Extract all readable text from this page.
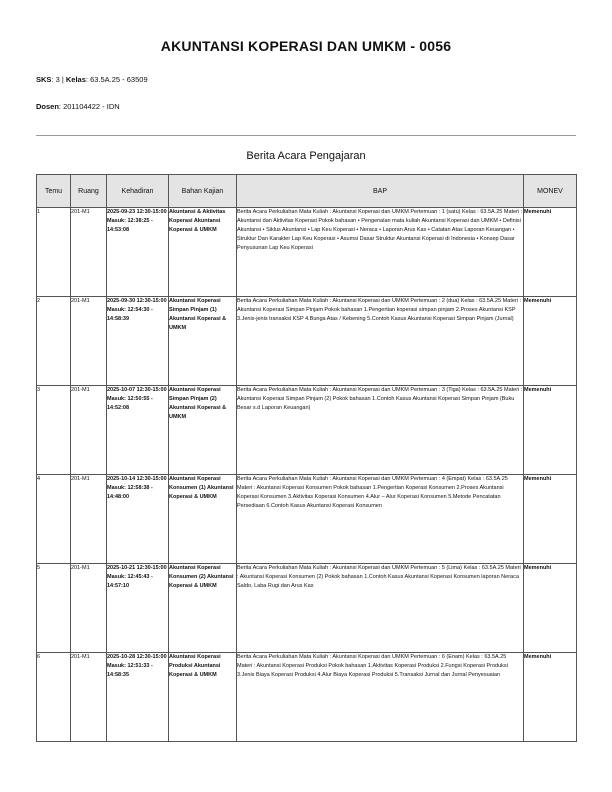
AKUNTANSI KOPERASI DAN UMKM - 0056
SKS: 3 | Kelas: 63.5A.25 - 63509
Dosen: 201104422 - IDN
Berita Acara Pengajaran
Temu	Ruang	Kehadiran	Bahan Kajian	BAP	MONEV
1	201-M1	2025-09-23 12:30-15:00 Masuk: 12:38:25 - 14:53:08	Akuntansi & Aktivitas Koperasi Akuntansi Koperasi & UMKM	Berita Acara Perkuliahan Mata Kuliah : Akuntansi Koperasi dan UMKM Pertemuan : 1 (satu) Kelas : 63.5A.25 Materi : Akuntansi dan Aktivitas Koperasi Pokok bahasan • Pengenalan mata kuliah Akuntansi Koperasi dan UMKM • Definisi Akuntansi • Siklus Akuntansi • Lap Keu Koperasi • Neraca • Laporan Arus Kas • Catatan Atas Laporan Keuangan • Struktur Dan Karakter Lap Keu Koperasi • Asumsi Dasar Struktur Akuntansi Koperasi di Indonesia • Konsep Dasar Penyusunan Lap Keu Koperasi	Memenuhi
2	201-M1	2025-09-30 12:30-15:00 Masuk: 12:54:30 - 14:58:39	Akuntansi Koperasi Simpan Pinjam (1) Akuntansi Koperasi & UMKM	Berita Acara Perkuliahan Mata Kuliah : Akuntansi Koperasi dan UMKM Pertemuan : 2 (dua) Kelas : 63.5A.25 Materi : Akuntansi Koperasi Simpan Pinjam Pokok bahasan 1.Pengertian koperasi simpan pinjam 2.Proses Akuntansi KSP 3.Jenis-jenis transaksi KSP 4.Bunga Atas / Kebening 5.Contoh Kasus Akuntansi Koperasi Simpan Pinjam (Jurnal)	Memenuhi
3	201-M1	2025-10-07 12:30-15:00 Masuk: 12:50:55 - 14:52:08	Akuntansi Koperasi Simpan Pinjam (2) Akuntansi Koperasi & UMKM	Berita Acara Perkuliahan Mata Kuliah : Akuntansi Koperasi dan UMKM Pertemuan : 3 (Tiga) Kelas : 63.5A.25 Materi : Akuntansi Koperasi Simpan Pinjam (2) Pokok bahasan 1.Contoh Kasus Akuntansi Koperasi Simpan Pinjam (Buku Besar s.d Laporan Keuangan)	Memenuhi
4	201-M1	2025-10-14 12:30-15:00 Masuk: 12:58:38 - 14:48:00	Akuntansi Koperasi Konsumen (1) Akuntansi Koperasi & UMKM	Berita Acara Perkuliahan Mata Kuliah : Akuntansi Koperasi dan UMKM Pertemuan : 4 (Empat) Kelas : 63.5A.25 Materi : Akuntansi Koperasi Konsumen Pokok bahasan 1.Pengertian Koperasi Konsumen 2.Proses Akuntansi Koperasi Konsumen 3.Aktivitas Koperasi Konsumen 4.Alur – Alur Koperasi Konsumen 5.Metode Pencatatan Persediaan 6.Contoh Kasus Akuntansi Koperasi Konsumen	Memenuhi
5	201-M1	2025-10-21 12:30-15:00 Masuk: 12:45:43 - 14:57:10	Akuntansi Koperasi Konsumen (2) Akuntansi Koperasi & UMKM	Berita Acara Perkuliahan Mata Kuliah : Akuntansi Koperasi dan UMKM Pertemuan : 5 (Lima) Kelas : 63.5A.25 Materi : Akuntansi Koperasi Konsumen (2) Pokok bahasan 1.Contoh Kasus Akuntansi Koperasi Konsumen laporan Neraca Saldo, Laba Rugi dan Arus Kas	Memenuhi
6	201-M1	2025-10-28 12:30-15:00 Masuk: 12:51:33 - 14:58:35	Akuntansi Koperasi Produksi Akuntansi Koperasi & UMKM	Berita Acara Perkuliahan Mata Kuliah : Akuntansi Koperasi dan UMKM Pertemuan : 6 (Enam) Kelas : 63.5A.25 Materi : Akuntansi Koperasi Produksi Pokok bahasan 1.Aktivitas Koperasi Produksi 2.Fungsi Koperasi Produksi 3.Jenis Biaya Koperasi Produksi 4.Alur Biaya Koperasi Produksi 5.Transaksi Jurnal dan Jurnal Penyesuaian	Memenuhi
